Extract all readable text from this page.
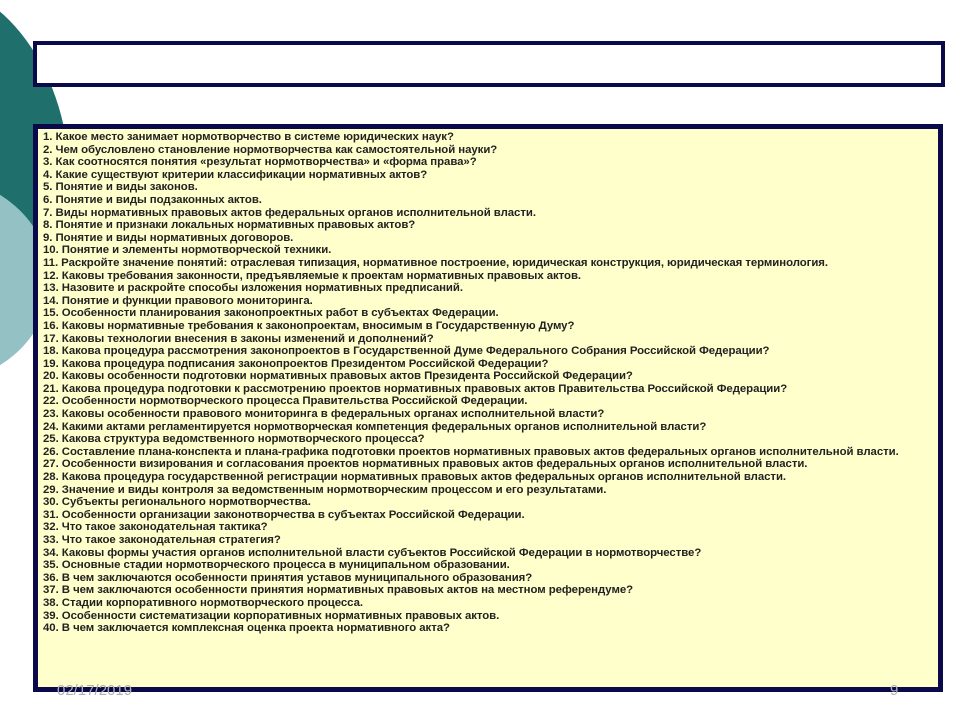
1. Какое место занимает нормотворчество в системе юридических наук?
2. Чем обусловлено становление нормотворчества как самостоятельной науки?
3. Как соотносятся понятия «результат нормотворчества» и «форма права»?
4. Какие существуют критерии классификации нормативных актов?
5. Понятие и виды законов.
6. Понятие и виды подзаконных актов.
7. Виды нормативных правовых актов федеральных органов исполнительной власти.
8. Понятие и признаки локальных нормативных правовых актов?
9. Понятие и виды нормативных договоров.
10. Понятие и элементы нормотворческой техники.
11. Раскройте значение понятий: отраслевая типизация, нормативное построение, юридическая конструкция, юридическая терминология.
12. Каковы требования законности, предъявляемые к проектам нормативных правовых актов.
13. Назовите и раскройте способы изложения нормативных предписаний.
14. Понятие и функции правового мониторинга.
15. Особенности планирования законопроектных работ в субъектах Федерации.
16. Каковы нормативные требования к законопроектам, вносимым в Государственную Думу?
17. Каковы технологии внесения в законы изменений и дополнений?
18. Какова процедура рассмотрения законопроектов в Государственной Думе Федерального Собрания Российской Федерации?
19. Какова процедура подписания законопроектов Президентом Российской Федерации?
20. Каковы особенности подготовки нормативных правовых актов Президента Российской Федерации?
21. Какова процедура подготовки к рассмотрению проектов нормативных правовых актов Правительства Российской Федерации?
22. Особенности нормотворческого процесса Правительства Российской Федерации.
23. Каковы особенности правового мониторинга в федеральных органах исполнительной власти?
24. Какими актами регламентируется нормотворческая компетенция федеральных органов исполнительной власти?
25. Какова структура ведомственного нормотворческого процесса?
26. Составление плана-конспекта и плана-графика подготовки проектов нормативных правовых актов федеральных органов исполнительной власти.
27. Особенности визирования и согласования проектов нормативных правовых актов федеральных органов исполнительной власти.
28. Какова процедура государственной регистрации нормативных правовых актов федеральных органов исполнительной власти.
29. Значение и виды контроля за ведомственным нормотворческим процессом и его результатами.
30. Субъекты регионального нормотворчества.
31. Особенности организации законотворчества в субъектах Российской Федерации.
32. Что такое законодательная тактика?
33. Что такое законодательная стратегия?
34. Каковы формы участия органов исполнительной власти субъектов Российской Федерации в нормотворчестве?
35. Основные стадии нормотворческого процесса в муниципальном образовании.
36. В чем заключаются особенности принятия уставов муниципального образования?
37. В чем заключаются особенности принятия нормативных правовых актов на местном референдуме?
38. Стадии корпоративного нормотворческого процесса.
39. Особенности систематизации корпоративных нормативных правовых актов.
40. В чем заключается комплексная оценка проекта нормативного акта?
02/17/2019	9
